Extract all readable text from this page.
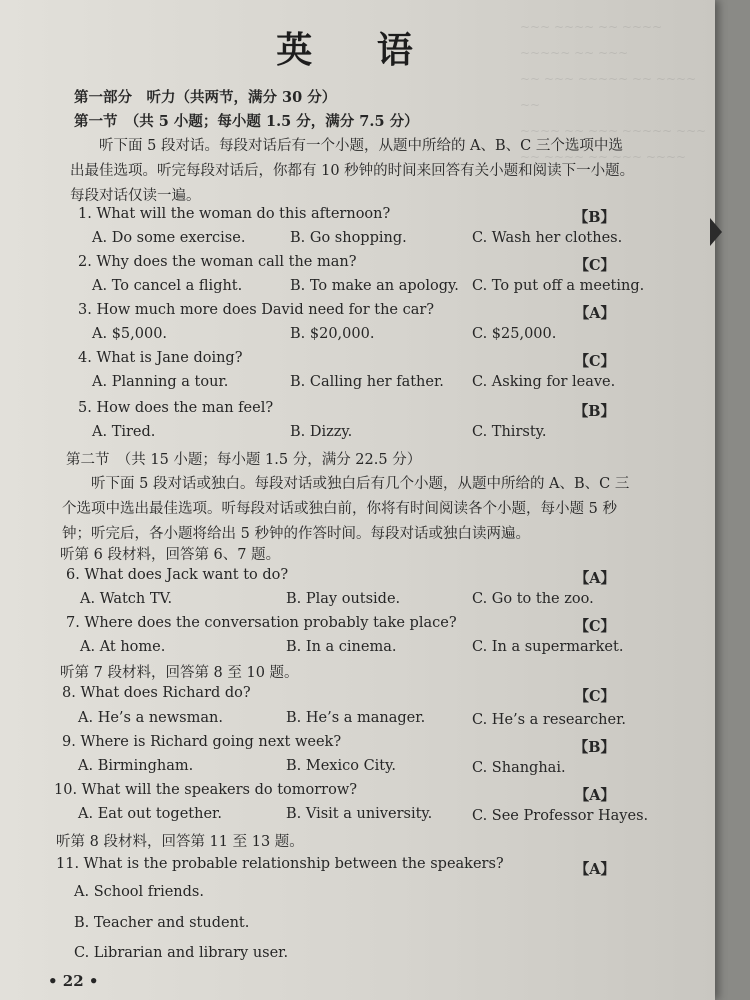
~~~ ~~~~ ~~ ~~~~ ~~~~~ ~~ ~~~
~~ ~~~ ~~~~~ ~~ ~~~~ ~~
~~~~ ~~ ~~~ ~~~~~ ~~~
~~ ~~~~ ~~ ~~~ ~~~~
英 语
第一部分　听力（共两节，满分 30 分）
第一节　（共 5 小题；每小题 1.5 分，满分 7.5 分）
听下面 5 段对话。每段对话后有一个小题，从题中所给的 A、B、C 三个选项中选出最佳选项。听完每段对话后，你都有 10 秒钟的时间来回答有关小题和阅读下一小题。每段对话仅读一遍。
1. What will the woman do this afternoon?	【B】
A. Do some exercise.	B. Go shopping.	C. Wash her clothes.
2. Why does the woman call the man?	【C】
A. To cancel a flight.	B. To make an apology. C. To put off a meeting.
3. How much more does David need for the car?	【A】
A. $5,000.	B. $20,000.	C. $25,000.
4. What is Jane doing?	【C】
A. Planning a tour.	B. Calling her father. C. Asking for leave.
5. How does the man feel?	【B】
A. Tired.	B. Dizzy.	C. Thirsty.
第二节　（共 15 小题；每小题 1.5 分，满分 22.5 分）
听下面 5 段对话或独白。每段对话或独白后有几个小题，从题中所给的 A、B、C 三个选项中选出最佳选项。听每段对话或独白前，你将有时间阅读各个小题，每小题 5 秒钟；听完后，各小题将给出 5 秒钟的作答时间。每段对话或独白读两遍。
听第 6 段材料，回答第 6、7 题。
6. What does Jack want to do?	【A】
A. Watch TV.	B. Play outside.	C. Go to the zoo.
7. Where does the conversation probably take place?	【C】
A. At home.	B. In a cinema.	C. In a supermarket.
听第 7 段材料，回答第 8 至 10 题。
8. What does Richard do?	【C】
A. He’s a newsman.	B. He’s a manager.	C. He’s a researcher.
9. Where is Richard going next week?	【B】
A. Birmingham.	B. Mexico City.	C. Shanghai.
10. What will the speakers do tomorrow?	【A】
A. Eat out together.	B. Visit a university.	C. See Professor Hayes.
听第 8 段材料，回答第 11 至 13 题。
11. What is the probable relationship between the speakers?	【A】
A. School friends.
B. Teacher and student.
C. Librarian and library user.
• 22 •
